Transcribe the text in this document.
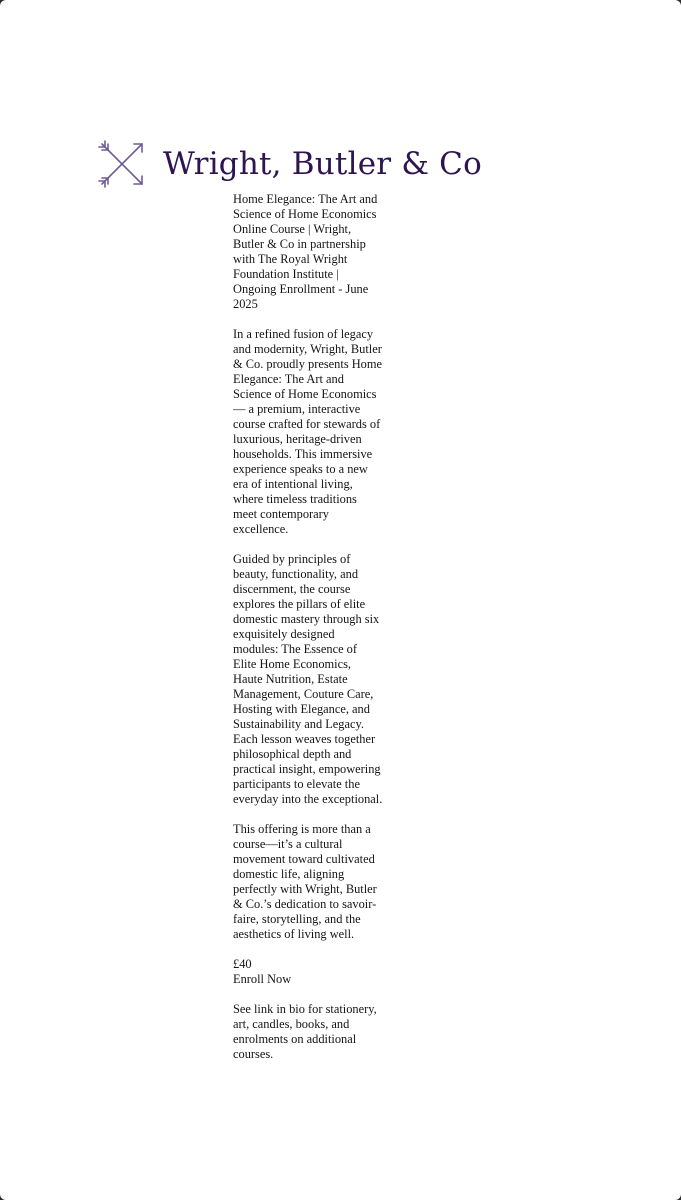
Wright, Butler & Co

Home Elegance: The Art and Science of Home Economics Online Course | Wright, Butler & Co in partnership with The Royal Wright Foundation Institute | Ongoing Enrollment - June 2025

In a refined fusion of legacy and modernity, Wright, Butler & Co. proudly presents Home Elegance: The Art and Science of Home Economics — a premium, interactive course crafted for stewards of luxurious, heritage-driven households. This immersive experience speaks to a new era of intentional living, where timeless traditions meet contemporary excellence.

Guided by principles of beauty, functionality, and discernment, the course explores the pillars of elite domestic mastery through six exquisitely designed modules: The Essence of Elite Home Economics, Haute Nutrition, Estate Management, Couture Care, Hosting with Elegance, and Sustainability and Legacy. Each lesson weaves together philosophical depth and practical insight, empowering participants to elevate the everyday into the exceptional.

This offering is more than a course—it’s a cultural movement toward cultivated domestic life, aligning perfectly with Wright, Butler & Co.’s dedication to savoir-faire, storytelling, and the aesthetics of living well.

£40
Enroll Now

See link in bio for stationery, art, candles, books, and enrolments on additional courses.
